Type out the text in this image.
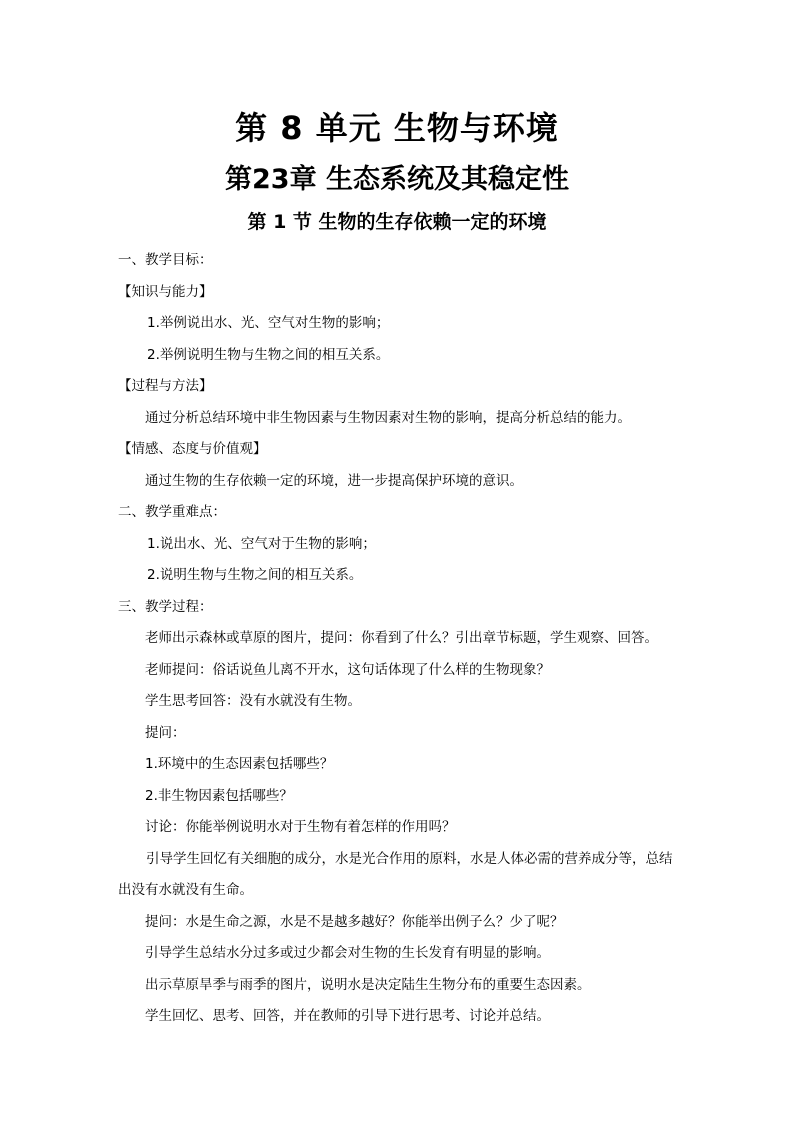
第 8 单元 生物与环境
第23章 生态系统及其稳定性
第 1 节 生物的生存依赖一定的环境
一、教学目标：
【知识与能力】
1.举例说出水、光、空气对生物的影响；
2.举例说明生物与生物之间的相互关系。
【过程与方法】
通过分析总结环境中非生物因素与生物因素对生物的影响，提高分析总结的能力。
【情感、态度与价值观】
通过生物的生存依赖一定的环境，进一步提高保护环境的意识。
二、教学重难点：
1.说出水、光、空气对于生物的影响；
2.说明生物与生物之间的相互关系。
三、教学过程：
老师出示森林或草原的图片，提问：你看到了什么？引出章节标题，学生观察、回答。
老师提问：俗话说鱼儿离不开水，这句话体现了什么样的生物现象？
学生思考回答：没有水就没有生物。
提问：
1.环境中的生态因素包括哪些？
2.非生物因素包括哪些？
讨论：你能举例说明水对于生物有着怎样的作用吗？
引导学生回忆有关细胞的成分，水是光合作用的原料，水是人体必需的营养成分等，总结出没有水就没有生命。
提问：水是生命之源，水是不是越多越好？你能举出例子么？少了呢？
引导学生总结水分过多或过少都会对生物的生长发育有明显的影响。
出示草原旱季与雨季的图片，说明水是决定陆生生物分布的重要生态因素。
学生回忆、思考、回答，并在教师的引导下进行思考、讨论并总结。
